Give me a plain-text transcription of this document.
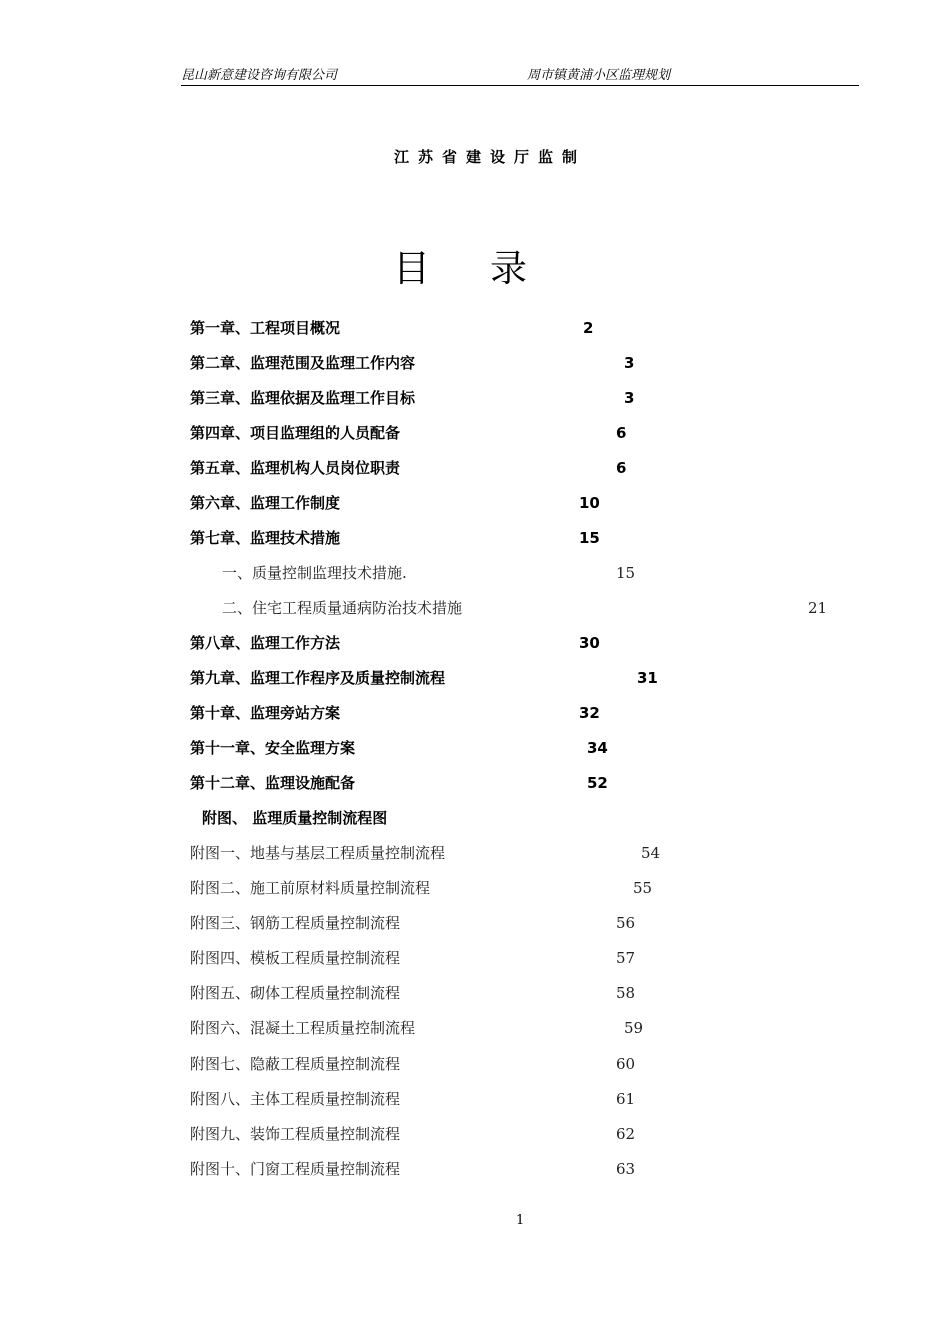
昆山新意建设咨询有限公司	周市镇黄浦小区监理规划
江苏省建设厅监制
目 录
第一章、工程项目概况	2
第二章、监理范围及监理工作内容	3
第三章、监理依据及监理工作目标	3
第四章、项目监理组的人员配备	6
第五章、监理机构人员岗位职责	6
第六章、监理工作制度	10
第七章、监理技术措施	15
一、质量控制监理技术措施.	15
二、住宅工程质量通病防治技术措施	21
第八章、监理工作方法	30
第九章、监理工作程序及质量控制流程	31
第十章、监理旁站方案	32
第十一章、安全监理方案	34
第十二章、监理设施配备	52
附图、 监理质量控制流程图
附图一、地基与基层工程质量控制流程	54
附图二、施工前原材料质量控制流程	55
附图三、钢筋工程质量控制流程	56
附图四、模板工程质量控制流程	57
附图五、砌体工程质量控制流程	58
附图六、混凝土工程质量控制流程	59
附图七、隐蔽工程质量控制流程	60
附图八、主体工程质量控制流程	61
附图九、装饰工程质量控制流程	62
附图十、门窗工程质量控制流程	63
1
